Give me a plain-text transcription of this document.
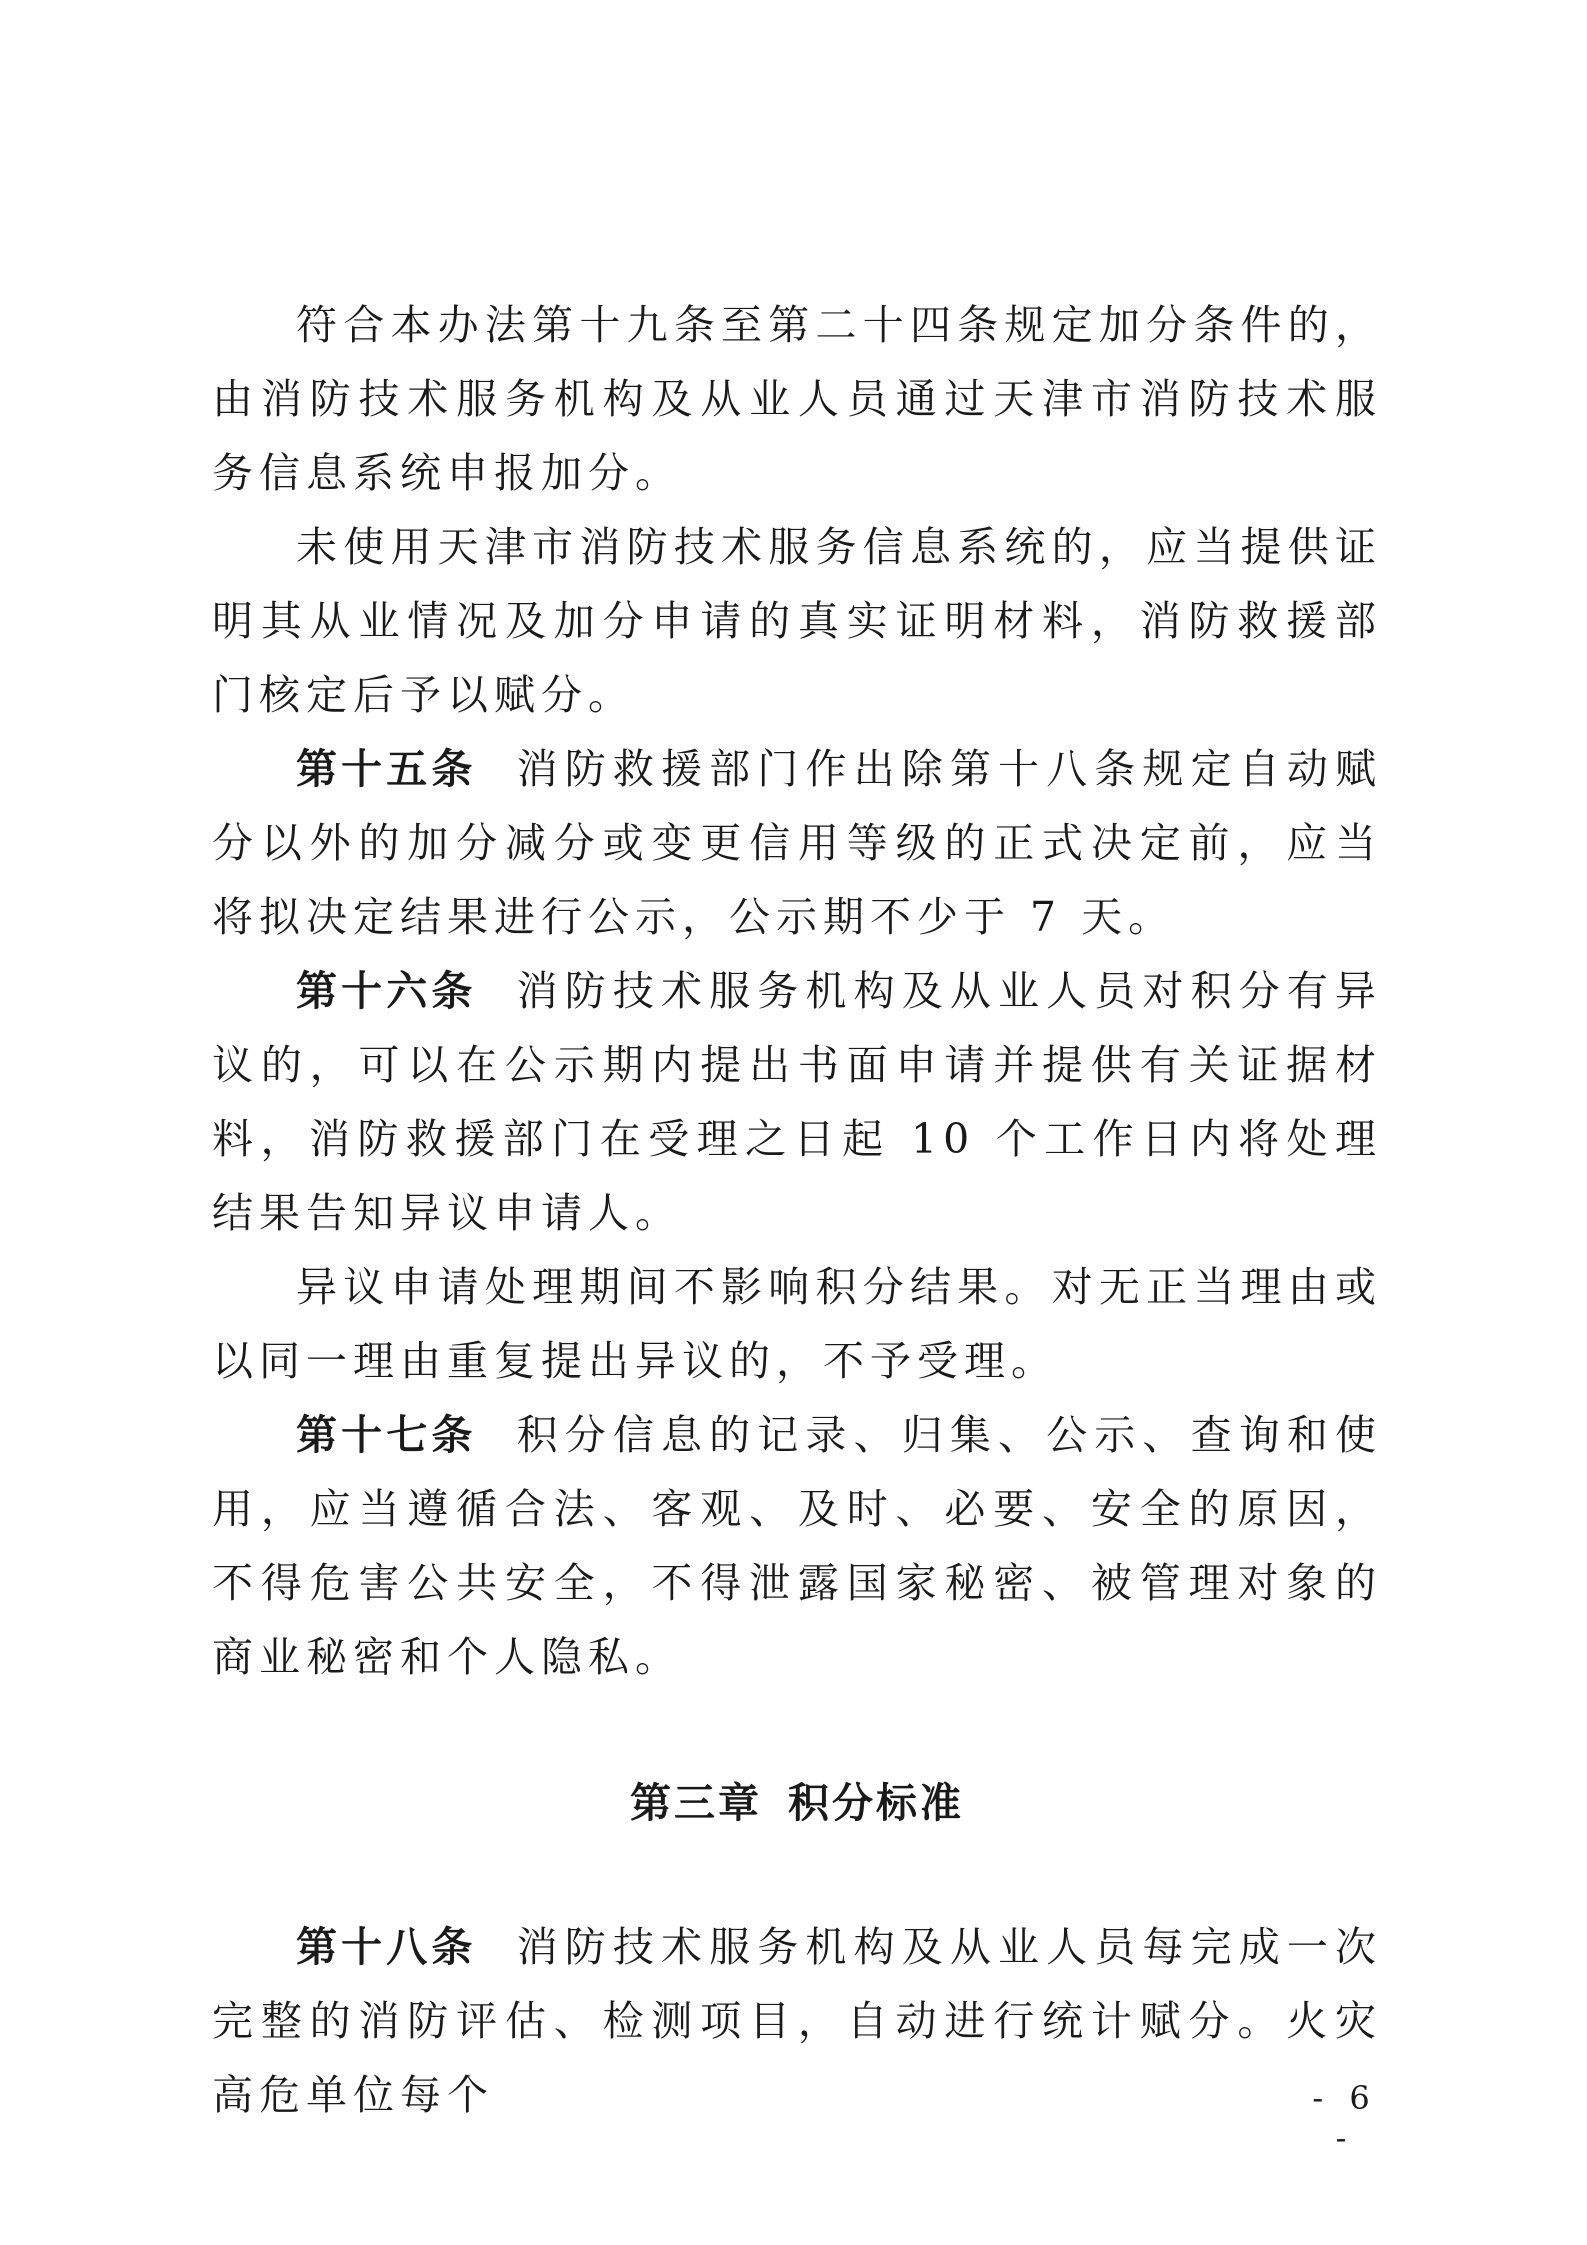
符合本办法第十九条至第二十四条规定加分条件的，由消防技术服务机构及从业人员通过天津市消防技术服务信息系统申报加分。

未使用天津市消防技术服务信息系统的，应当提供证明其从业情况及加分申请的真实证明材料，消防救援部门核定后予以赋分。

第十五条 消防救援部门作出除第十八条规定自动赋分以外的加分减分或变更信用等级的正式决定前，应当将拟决定结果进行公示，公示期不少于 7 天。

第十六条 消防技术服务机构及从业人员对积分有异议的，可以在公示期内提出书面申请并提供有关证据材料，消防救援部门在受理之日起 10 个工作日内将处理结果告知异议申请人。

异议申请处理期间不影响积分结果。对无正当理由或以同一理由重复提出异议的，不予受理。

第十七条 积分信息的记录、归集、公示、查询和使用，应当遵循合法、客观、及时、必要、安全的原因，不得危害公共安全，不得泄露国家秘密、被管理对象的商业秘密和个人隐私。

第三章 积分标准

第十八条 消防技术服务机构及从业人员每完成一次完整的消防评估、检测项目，自动进行统计赋分。火灾高危单位每个	- 6 -
